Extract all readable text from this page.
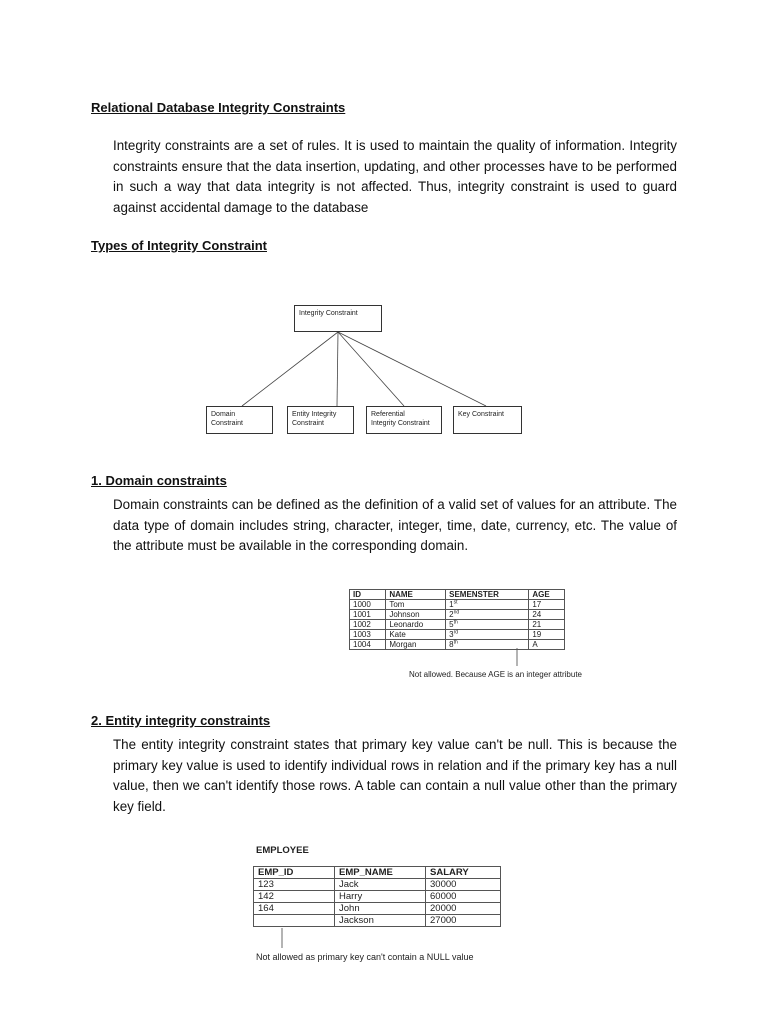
Relational Database Integrity Constraints
Integrity constraints are a set of rules. It is used to maintain the quality of information. Integrity constraints ensure that the data insertion, updating, and other processes have to be performed in such a way that data integrity is not affected. Thus, integrity constraint is used to guard against accidental damage to the database
Types of Integrity Constraint
Integrity Constraint
Domain
Constraint
Entity Integrity
Constraint
Referential
Integrity Constraint
Key Constraint
1. Domain constraints
Domain constraints can be defined as the definition of a valid set of values for an attribute. The data type of domain includes string, character, integer, time, date, currency, etc. The value of the attribute must be available in the corresponding domain.
ID	NAME	SEMENSTER	AGE
1000	Tom	1st	17
1001	Johnson	2nd	24
1002	Leonardo	5th	21
1003	Kate	3rd	19
1004	Morgan	8th	A
Not allowed. Because AGE is an integer attribute
2. Entity integrity constraints
The entity integrity constraint states that primary key value can't be null. This is because the primary key value is used to identify individual rows in relation and if the primary key has a null value, then we can't identify those rows. A table can contain a null value other than the primary key field.
EMPLOYEE
EMP_ID	EMP_NAME	SALARY
123	Jack	30000
142	Harry	60000
164	John	20000
	Jackson	27000
Not allowed as primary key can't contain a NULL value
